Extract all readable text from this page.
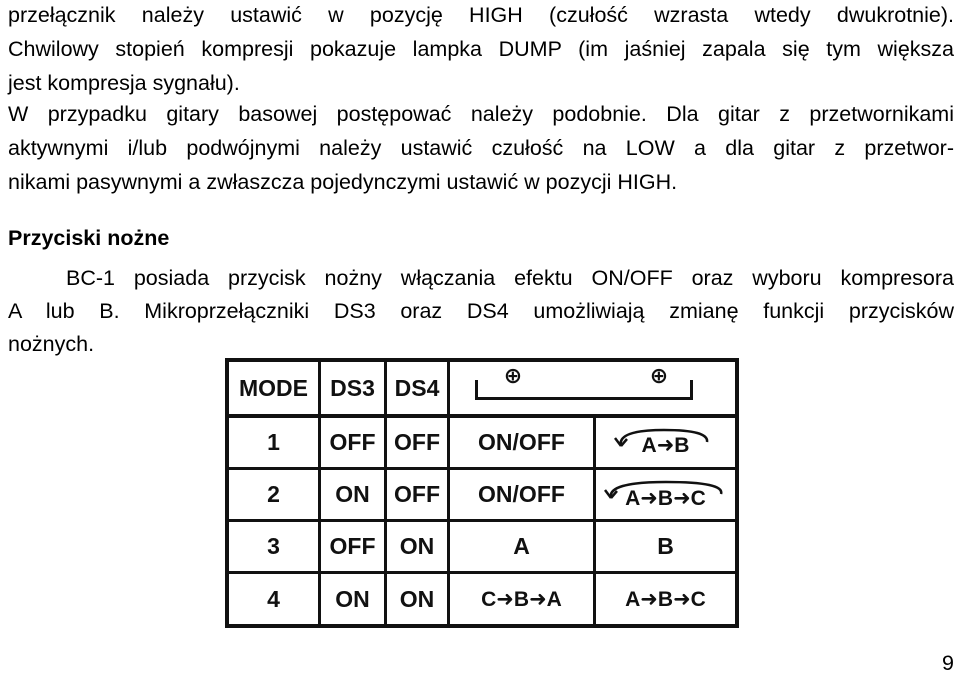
przełącznik należy ustawić w pozycję HIGH (czułość wzrasta wtedy dwukrotnie).
Chwilowy stopień kompresji pokazuje lampka DUMP (im jaśniej zapala się tym większa
jest kompresja sygnału).
W przypadku gitary basowej postępować należy podobnie. Dla gitar z przetwornikami
aktywnymi i/lub podwójnymi należy ustawić czułość na LOW a dla gitar z przetwor-
nikami pasywnymi a zwłaszcza pojedynczymi ustawić w pozycji HIGH.
Przyciski nożne
BC-1 posiada przycisk nożny włączania efektu ON/OFF oraz wyboru kompresora
A lub B. Mikroprzełączniki DS3 oraz DS4 umożliwiają zmianę funkcji przycisków
nożnych.
MODE DS3 DS4	⊕	⊕
1	OFF OFF	ON/OFF	A➜B
2	ON	OFF	ON/OFF	A➜B➜C
3	OFF	ON	A	B
4	ON	ON	C➜B➜A	A➜B➜C
9
